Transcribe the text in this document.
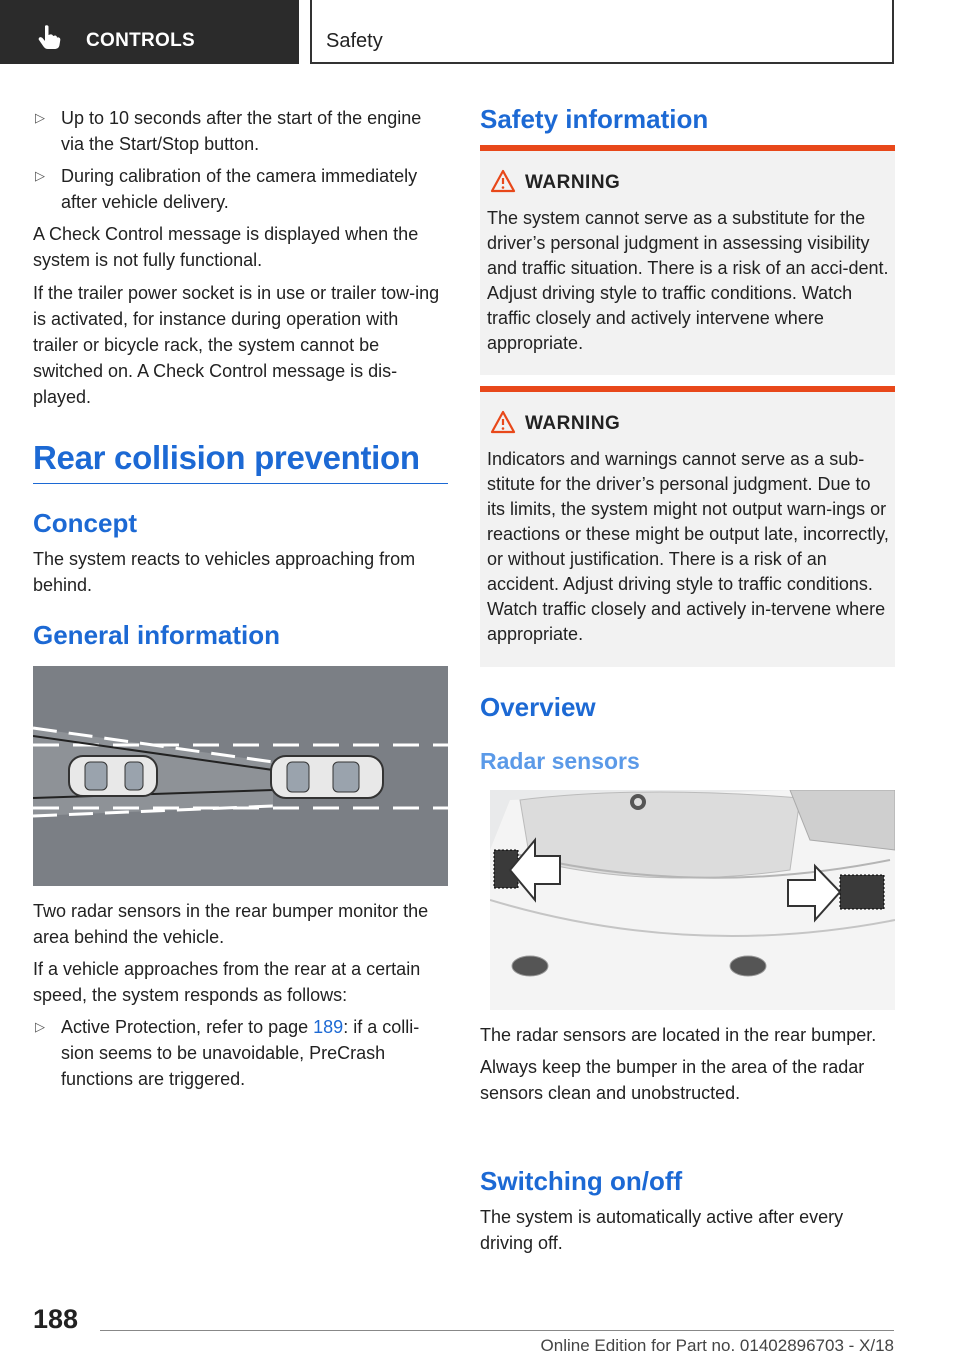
CONTROLS	Safety
▷ Up to 10 seconds after the start of the engine via the Start/Stop button.
▷ During calibration of the camera immediately after vehicle delivery.

A Check Control message is displayed when the system is not fully functional.

If the trailer power socket is in use or trailer tow-ing is activated, for instance during operation with trailer or bicycle rack, the system cannot be switched on. A Check Control message is dis-played.

Rear collision prevention
Concept

The system reacts to vehicles approaching from behind.

General information

Two radar sensors in the rear bumper monitor the area behind the vehicle.

If a vehicle approaches from the rear at a certain speed, the system responds as follows:

▷ Active Protection, refer to page 189: if a colli-sion seems to be unavoidable, PreCrash functions are triggered.
Safety information
WARNING
The system cannot serve as a substitute for the driver’s personal judgment in assessing visibility and traffic situation. There is a risk of an acci-dent. Adjust driving style to traffic conditions. Watch traffic closely and actively intervene where appropriate.
WARNING
Indicators and warnings cannot serve as a sub-stitute for the driver’s personal judgment. Due to its limits, the system might not output warn-ings or reactions or these might be output late, incorrectly, or without justification. There is a risk of an accident. Adjust driving style to traffic conditions. Watch traffic closely and actively in-tervene where appropriate.
Overview
Radar sensors

The radar sensors are located in the rear bumper.

Always keep the bumper in the area of the radar sensors clean and unobstructed.

Switching on/off

The system is automatically active after every driving off.

188
Online Edition for Part no. 01402896703 - X/18
